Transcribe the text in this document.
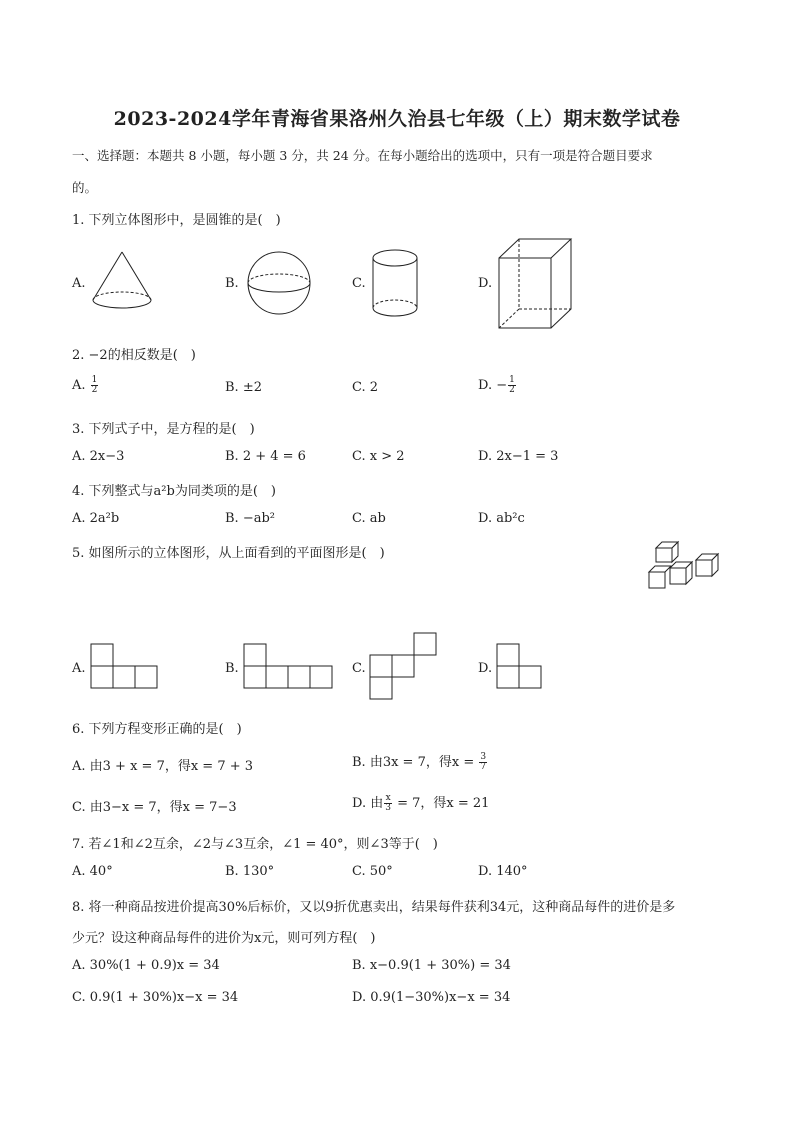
2023-2024学年青海省果洛州久治县七年级（上）期末数学试卷
一、选择题：本题共 8 小题，每小题 3 分，共 24 分。在每小题给出的选项中，只有一项是符合题目要求
的。
1. 下列立体图形中，是圆锥的是(　)
A.	B.	C.	D.
2. −2的相反数是(　)
A. $\frac{1}{2}$	B. ±2	C. 2	D. − $\frac{1}{2}$
3. 下列式子中，是方程的是(　)
A. 2x−3	B. 2 + 4 = 6	C. x > 2	D. 2x−1 = 3
4. 下列整式与a²b为同类项的是(　)
A. 2a²b	B. −ab²	C. ab	D. ab²c
5. 如图所示的立体图形，从上面看到的平面图形是(　)
A.	B.	C.	D.
6. 下列方程变形正确的是(　)
A. 由3 + x = 7，得x = 7 + 3	B. 由3x = 7，得$x = \frac{3}{7}$
C. 由3−x = 7，得x = 7−3	D. 由 $\frac{x}{3} = 7$，得x = 21
7. 若∠1和∠2互余，∠2与∠3互余，∠1 = 40°，则∠3等于(　)
A. 40°	B. 130°	C. 50°	D. 140°
8. 将一种商品按进价提高30%后标价，又以9折优惠卖出，结果每件获利34元，这种商品每件的进价是多
少元？设这种商品每件的进价为x元，则可列方程(　)
A. 30%(1 + 0.9)x = 34	B. x−0.9(1 + 30%) = 34
C. 0.9(1 + 30%)x−x = 34	D. 0.9(1−30%)x−x = 34
